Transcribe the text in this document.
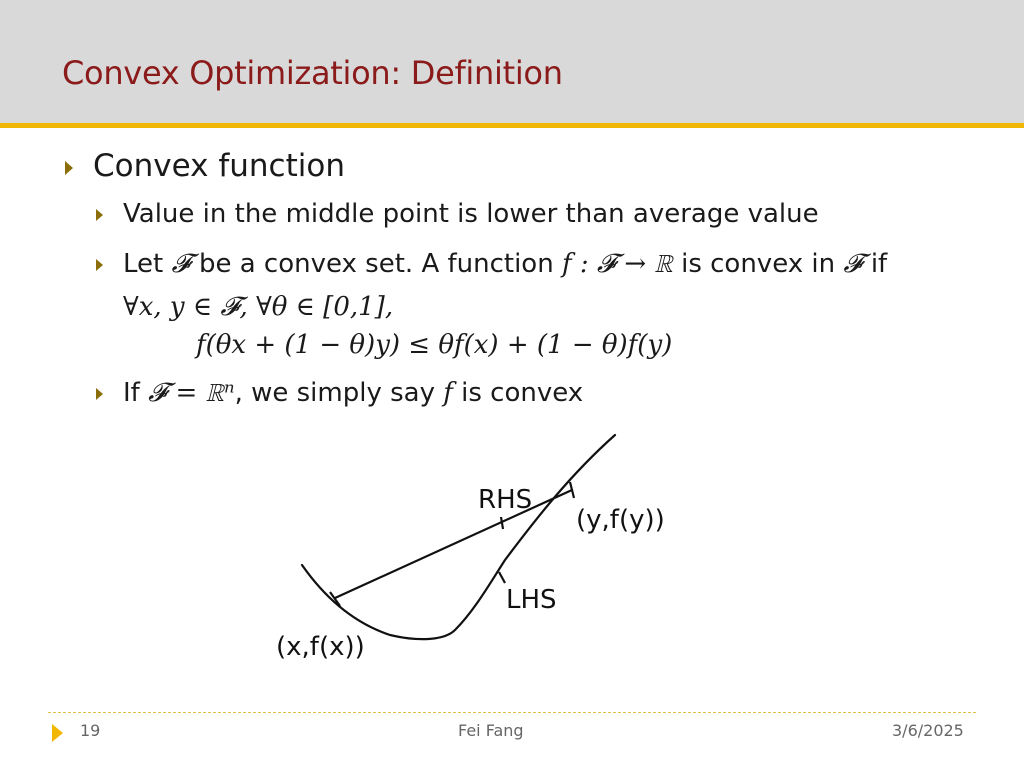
Convex Optimization: Definition
Convex function
Value in the middle point is lower than average value
Let 𝓕 be a convex set. A function f : 𝓕 → ℝ is convex in 𝓕 if
∀x, y ∈ 𝓕, ∀θ ∈ [0,1],
f(θx + (1 − θ)y) ≤ θf(x) + (1 − θ)f(y)
If 𝓕 = ℝⁿ, we simply say f is convex
RHS
LHS
(y,f(y))
(x,f(x))
19	Fei Fang	3/6/2025
